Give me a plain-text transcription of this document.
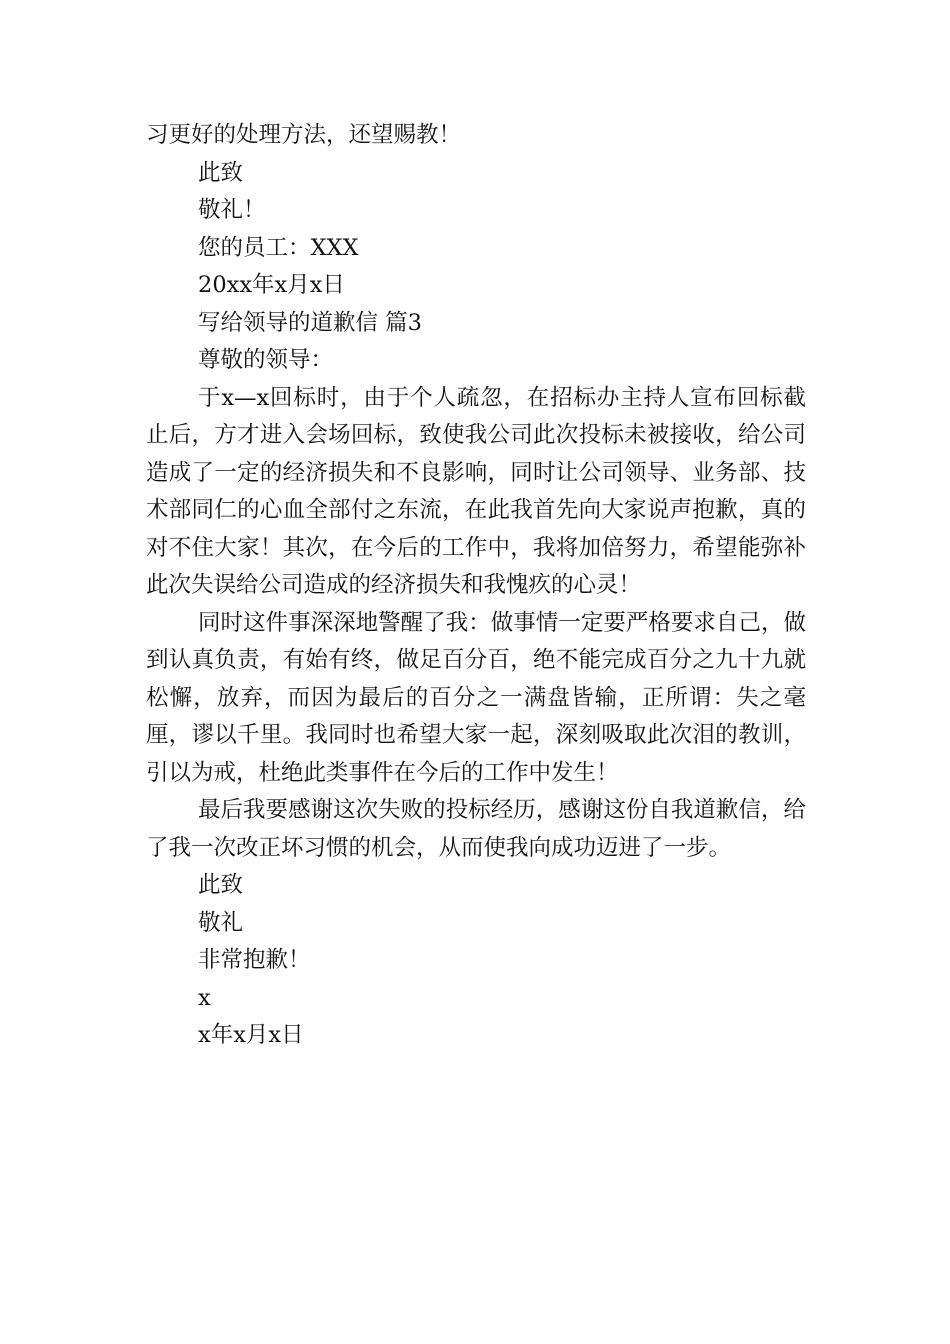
习更好的处理方法，还望赐教！

此致

敬礼！

您的员工：XXX

20xx年x月x日

写给领导的道歉信 篇3

尊敬的领导：

于x—x回标时，由于个人疏忽，在招标办主持人宣布回标截止后，方才进入会场回标，致使我公司此次投标未被接收，给公司造成了一定的经济损失和不良影响，同时让公司领导、业务部、技术部同仁的心血全部付之东流，在此我首先向大家说声抱歉，真的对不住大家！其次，在今后的工作中，我将加倍努力，希望能弥补此次失误给公司造成的经济损失和我愧疚的心灵！

同时这件事深深地警醒了我：做事情一定要严格要求自己，做到认真负责，有始有终，做足百分百，绝不能完成百分之九十九就松懈，放弃，而因为最后的百分之一满盘皆输，正所谓：失之毫厘，谬以千里。我同时也希望大家一起，深刻吸取此次泪的教训，引以为戒，杜绝此类事件在今后的工作中发生！

最后我要感谢这次失败的投标经历，感谢这份自我道歉信，给了我一次改正坏习惯的机会，从而使我向成功迈进了一步。

此致

敬礼

非常抱歉！

x

x年x月x日
